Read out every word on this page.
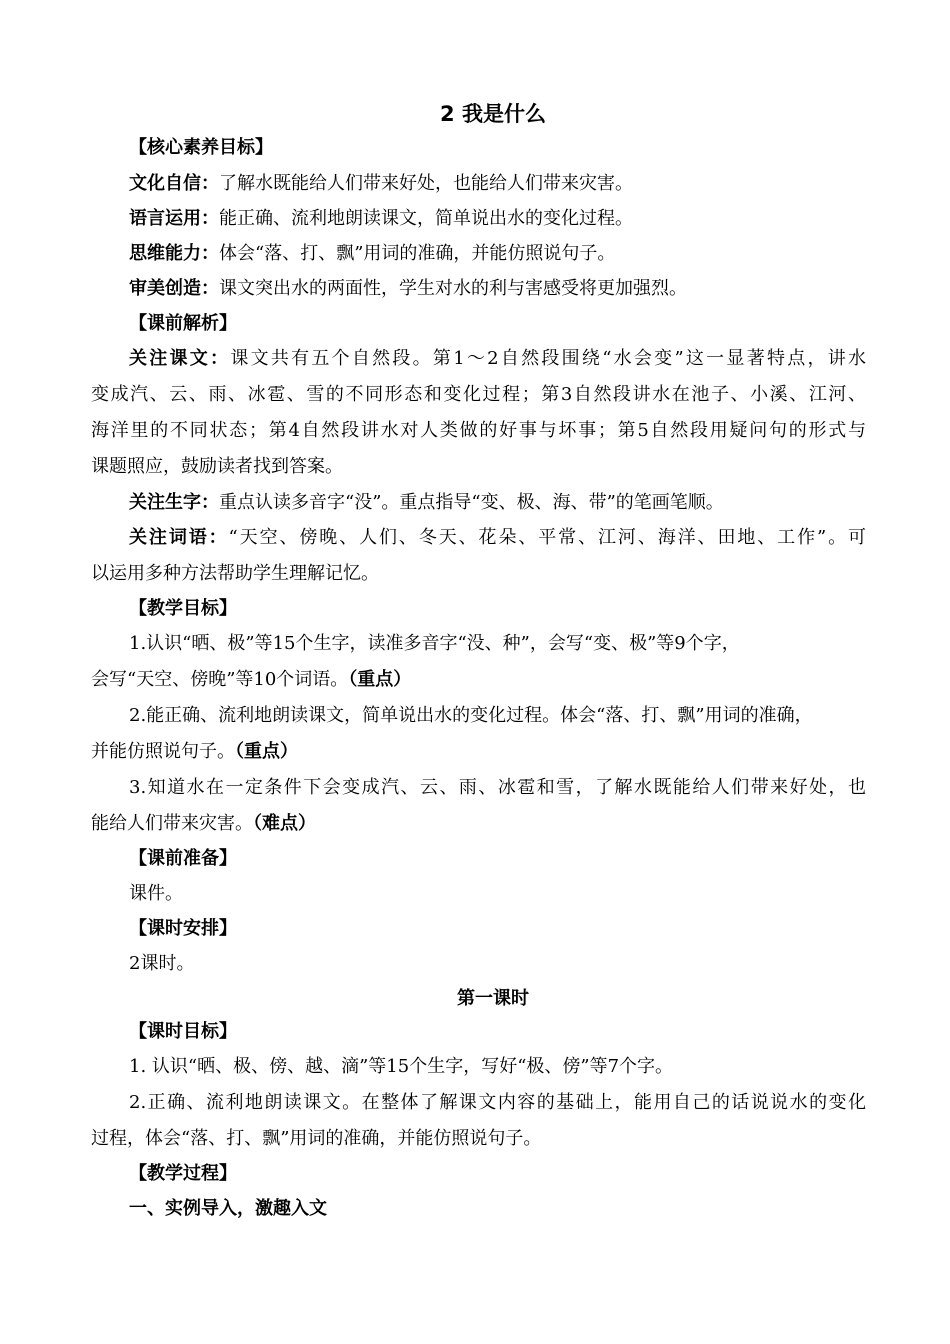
2 我是什么
【核心素养目标】
文化自信：了解水既能给人们带来好处，也能给人们带来灾害。
语言运用：能正确、流利地朗读课文，简单说出水的变化过程。
思维能力：体会“落、打、飘”用词的准确，并能仿照说句子。
审美创造：课文突出水的两面性，学生对水的利与害感受将更加强烈。
【课前解析】
关注课文：课文共有五个自然段。第1～2自然段围绕“水会变”这一显著特点，讲水
变成汽、云、雨、冰雹、雪的不同形态和变化过程；第3自然段讲水在池子、小溪、江河、
海洋里的不同状态；第4自然段讲水对人类做的好事与坏事；第5自然段用疑问句的形式与
课题照应，鼓励读者找到答案。
关注生字：重点认读多音字“没”。重点指导“变、极、海、带”的笔画笔顺。
关注词语：“天空、傍晚、人们、冬天、花朵、平常、江河、海洋、田地、工作”。可
以运用多种方法帮助学生理解记忆。
【教学目标】
1.认识“晒、极”等15个生字，读准多音字“没、种”，会写“变、极”等9个字，
会写“天空、傍晚”等10个词语。（重点）
2.能正确、流利地朗读课文，简单说出水的变化过程。体会“落、打、飘”用词的准确，
并能仿照说句子。（重点）
3.知道水在一定条件下会变成汽、云、雨、冰雹和雪，了解水既能给人们带来好处，也
能给人们带来灾害。（难点）
【课前准备】
课件。
【课时安排】
2课时。
第一课时
【课时目标】
1. 认识“晒、极、傍、越、滴”等15个生字，写好“极、傍”等7个字。
2.正确、流利地朗读课文。在整体了解课文内容的基础上，能用自己的话说说水的变化
过程，体会“落、打、飘”用词的准确，并能仿照说句子。
【教学过程】
一、实例导入，激趣入文
